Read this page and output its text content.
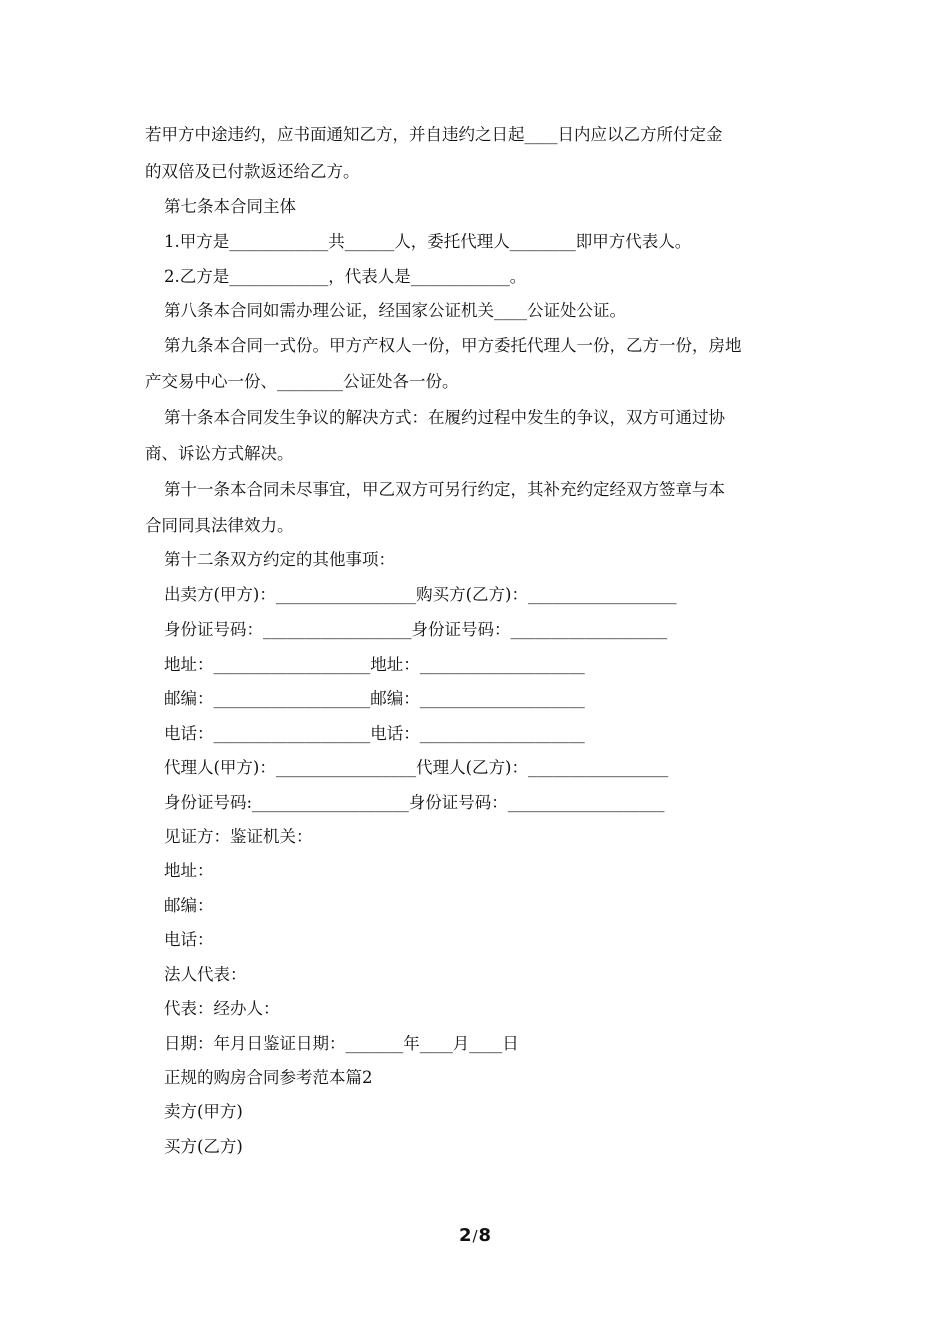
若甲方中途违约，应书面通知乙方，并自违约之日起____日内应以乙方所付定金
的双倍及已付款返还给乙方。
第七条本合同主体
1.甲方是____________共______人，委托代理人________即甲方代表人。
2.乙方是____________，代表人是____________。
第八条本合同如需办理公证，经国家公证机关____公证处公证。
第九条本合同一式份。甲方产权人一份，甲方委托代理人一份，乙方一份，房地
产交易中心一份、________公证处各一份。
第十条本合同发生争议的解决方式：在履约过程中发生的争议，双方可通过协
商、诉讼方式解决。
第十一条本合同未尽事宜，甲乙双方可另行约定，其补充约定经双方签章与本
合同同具法律效力。
第十二条双方约定的其他事项：
出卖方(甲方)：_________________购买方(乙方)：__________________
身份证号码：__________________身份证号码：___________________
地址：___________________地址：____________________
邮编：___________________邮编：____________________
电话：___________________电话：____________________
代理人(甲方)：_________________代理人(乙方)：_________________
身份证号码:___________________身份证号码：___________________
见证方：鉴证机关：
地址：
邮编：
电话：
法人代表：
代表：经办人：
日期：年月日鉴证日期：_______年____月____日
正规的购房合同参考范本篇2
卖方(甲方)
买方(乙方)
2/8
